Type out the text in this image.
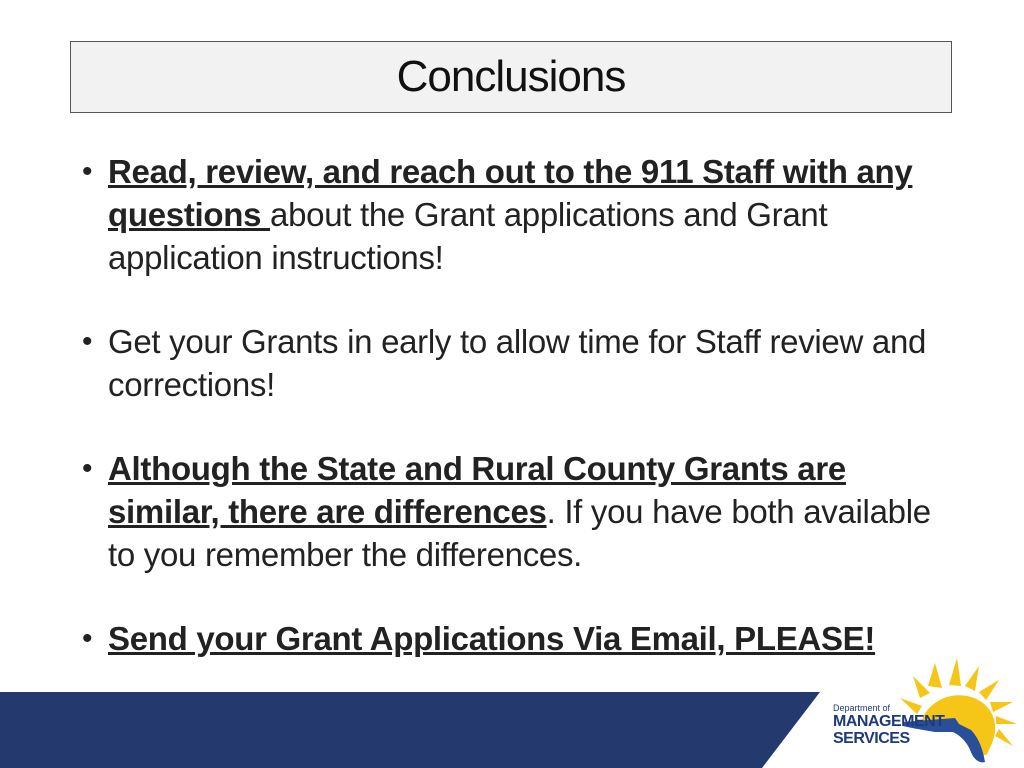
Conclusions
• Read, review, and reach out to the 911 Staff with any questions about the Grant applications and Grant application instructions!
• Get your Grants in early to allow time for Staff review and corrections!
• Although the State and Rural County Grants are similar, there are differences. If you have both available to you remember the differences.
• Send your Grant Applications Via Email, PLEASE!
Department of
MANAGEMENT
SERVICES
